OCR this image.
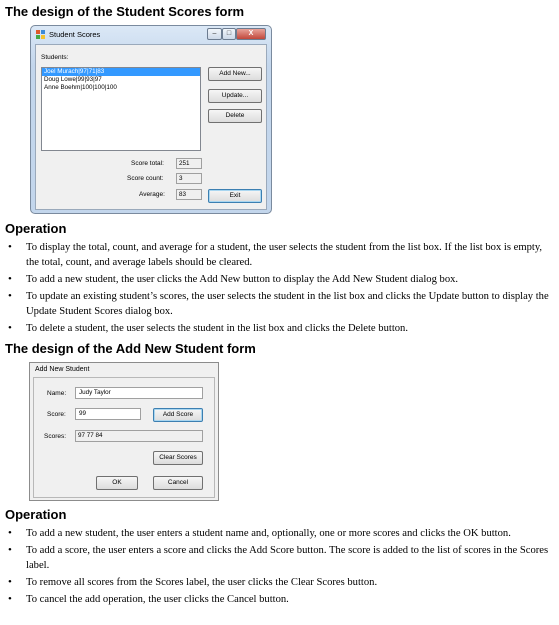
The design of the Student Scores form
Student Scores	–	□	X
Students:
Joel Murach|97|71|83
Doug Lowe|99|93|97
Anne Boehm|100|100|100
Add New...
Update...
Delete
Score total:	251
Score count:	3
Average:	83	Exit
Operation
• To display the total, count, and average for a student, the user selects the student from the list box. If the list box is empty, the total, count, and average labels should be cleared.
• To add a new student, the user clicks the Add New button to display the Add New Student dialog box.
• To update an existing student’s scores, the user selects the student in the list box and clicks the Update button to display the Update Student Scores dialog box.
• To delete a student, the user selects the student in the list box and clicks the Delete button.
The design of the Add New Student form
Add New Student
Name:	Judy Taylor
Score:	99	Add Score
Scores:	97 77 84
Clear Scores
OK	Cancel
Operation
• To add a new student, the user enters a student name and, optionally, one or more scores and clicks the OK button.
• To add a score, the user enters a score and clicks the Add Score button. The score is added to the list of scores in the Scores label.
• To remove all scores from the Scores label, the user clicks the Clear Scores button.
• To cancel the add operation, the user clicks the Cancel button.
